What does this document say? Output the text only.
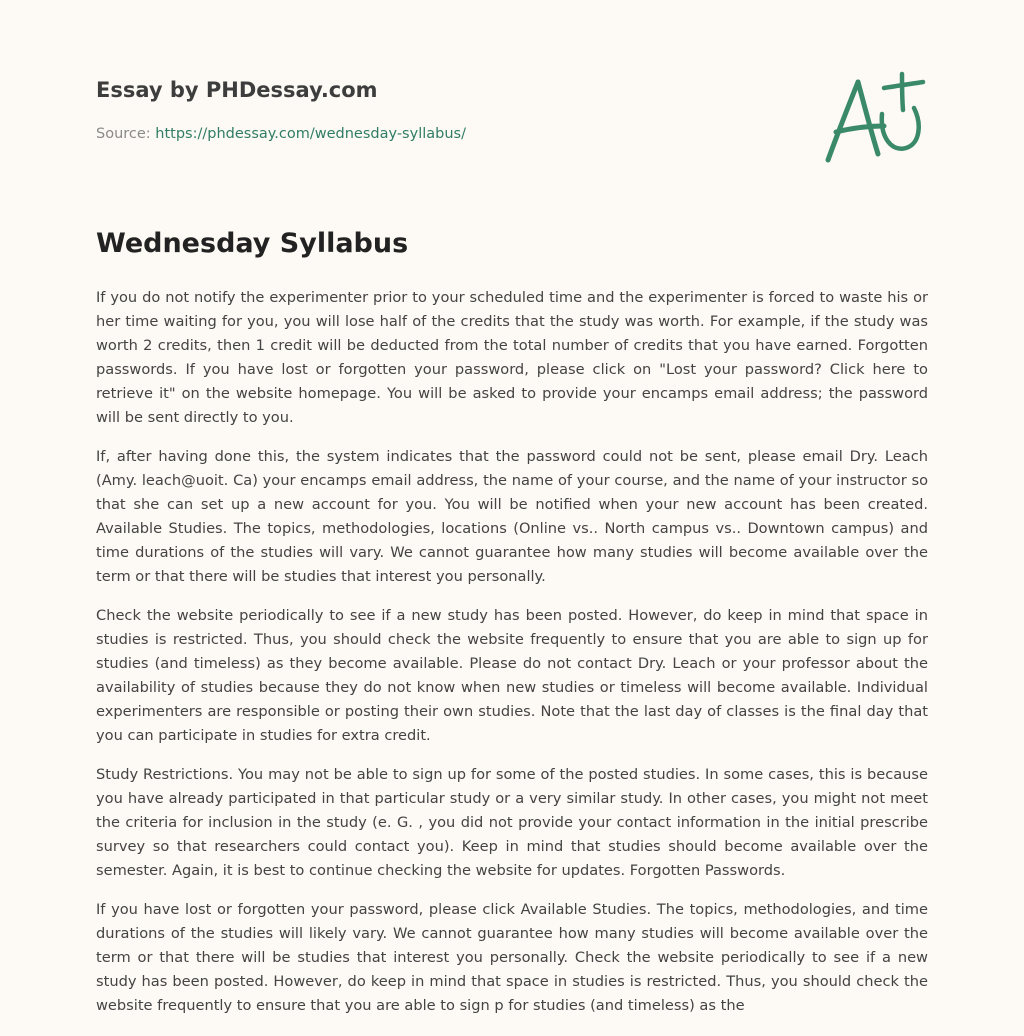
Essay by PHDessay.com
Source: https://phdessay.com/wednesday-syllabus/
Wednesday Syllabus

If you do not notify the experimenter prior to your scheduled time and the experimenter is forced to waste his or her time waiting for you, you will lose half of the credits that the study was worth. For example, if the study was worth 2 credits, then 1 credit will be deducted from the total number of credits that you have earned. Forgotten passwords. If you have lost or forgotten your password, please click on "Lost your password? Click here to retrieve it" on the website homepage. You will be asked to provide your encamps email address; the password will be sent directly to you.

If, after having done this, the system indicates that the password could not be sent, please email Dry. Leach (Amy. leach@uoit. Ca) your encamps email address, the name of your course, and the name of your instructor so that she can set up a new account for you. You will be notified when your new account has been created. Available Studies. The topics, methodologies, locations (Online vs.. North campus vs.. Downtown campus) and time durations of the studies will vary. We cannot guarantee how many studies will become available over the term or that there will be studies that interest you personally.

Check the website periodically to see if a new study has been posted. However, do keep in mind that space in studies is restricted. Thus, you should check the website frequently to ensure that you are able to sign up for studies (and timeless) as they become available. Please do not contact Dry. Leach or your professor about the availability of studies because they do not know when new studies or timeless will become available. Individual experimenters are responsible or posting their own studies. Note that the last day of classes is the final day that you can participate in studies for extra credit.

Study Restrictions. You may not be able to sign up for some of the posted studies. In some cases, this is because you have already participated in that particular study or a very similar study. In other cases, you might not meet the criteria for inclusion in the study (e. G. , you did not provide your contact information in the initial prescribe survey so that researchers could contact you). Keep in mind that studies should become available over the semester. Again, it is best to continue checking the website for updates. Forgotten Passwords.

If you have lost or forgotten your password, please click Available Studies. The topics, methodologies, and time durations of the studies will likely vary. We cannot guarantee how many studies will become available over the term or that there will be studies that interest you personally. Check the website periodically to see if a new study has been posted. However, do keep in mind that space in studies is restricted. Thus, you should check the website frequently to ensure that you are able to sign p for studies (and timeless) as the
